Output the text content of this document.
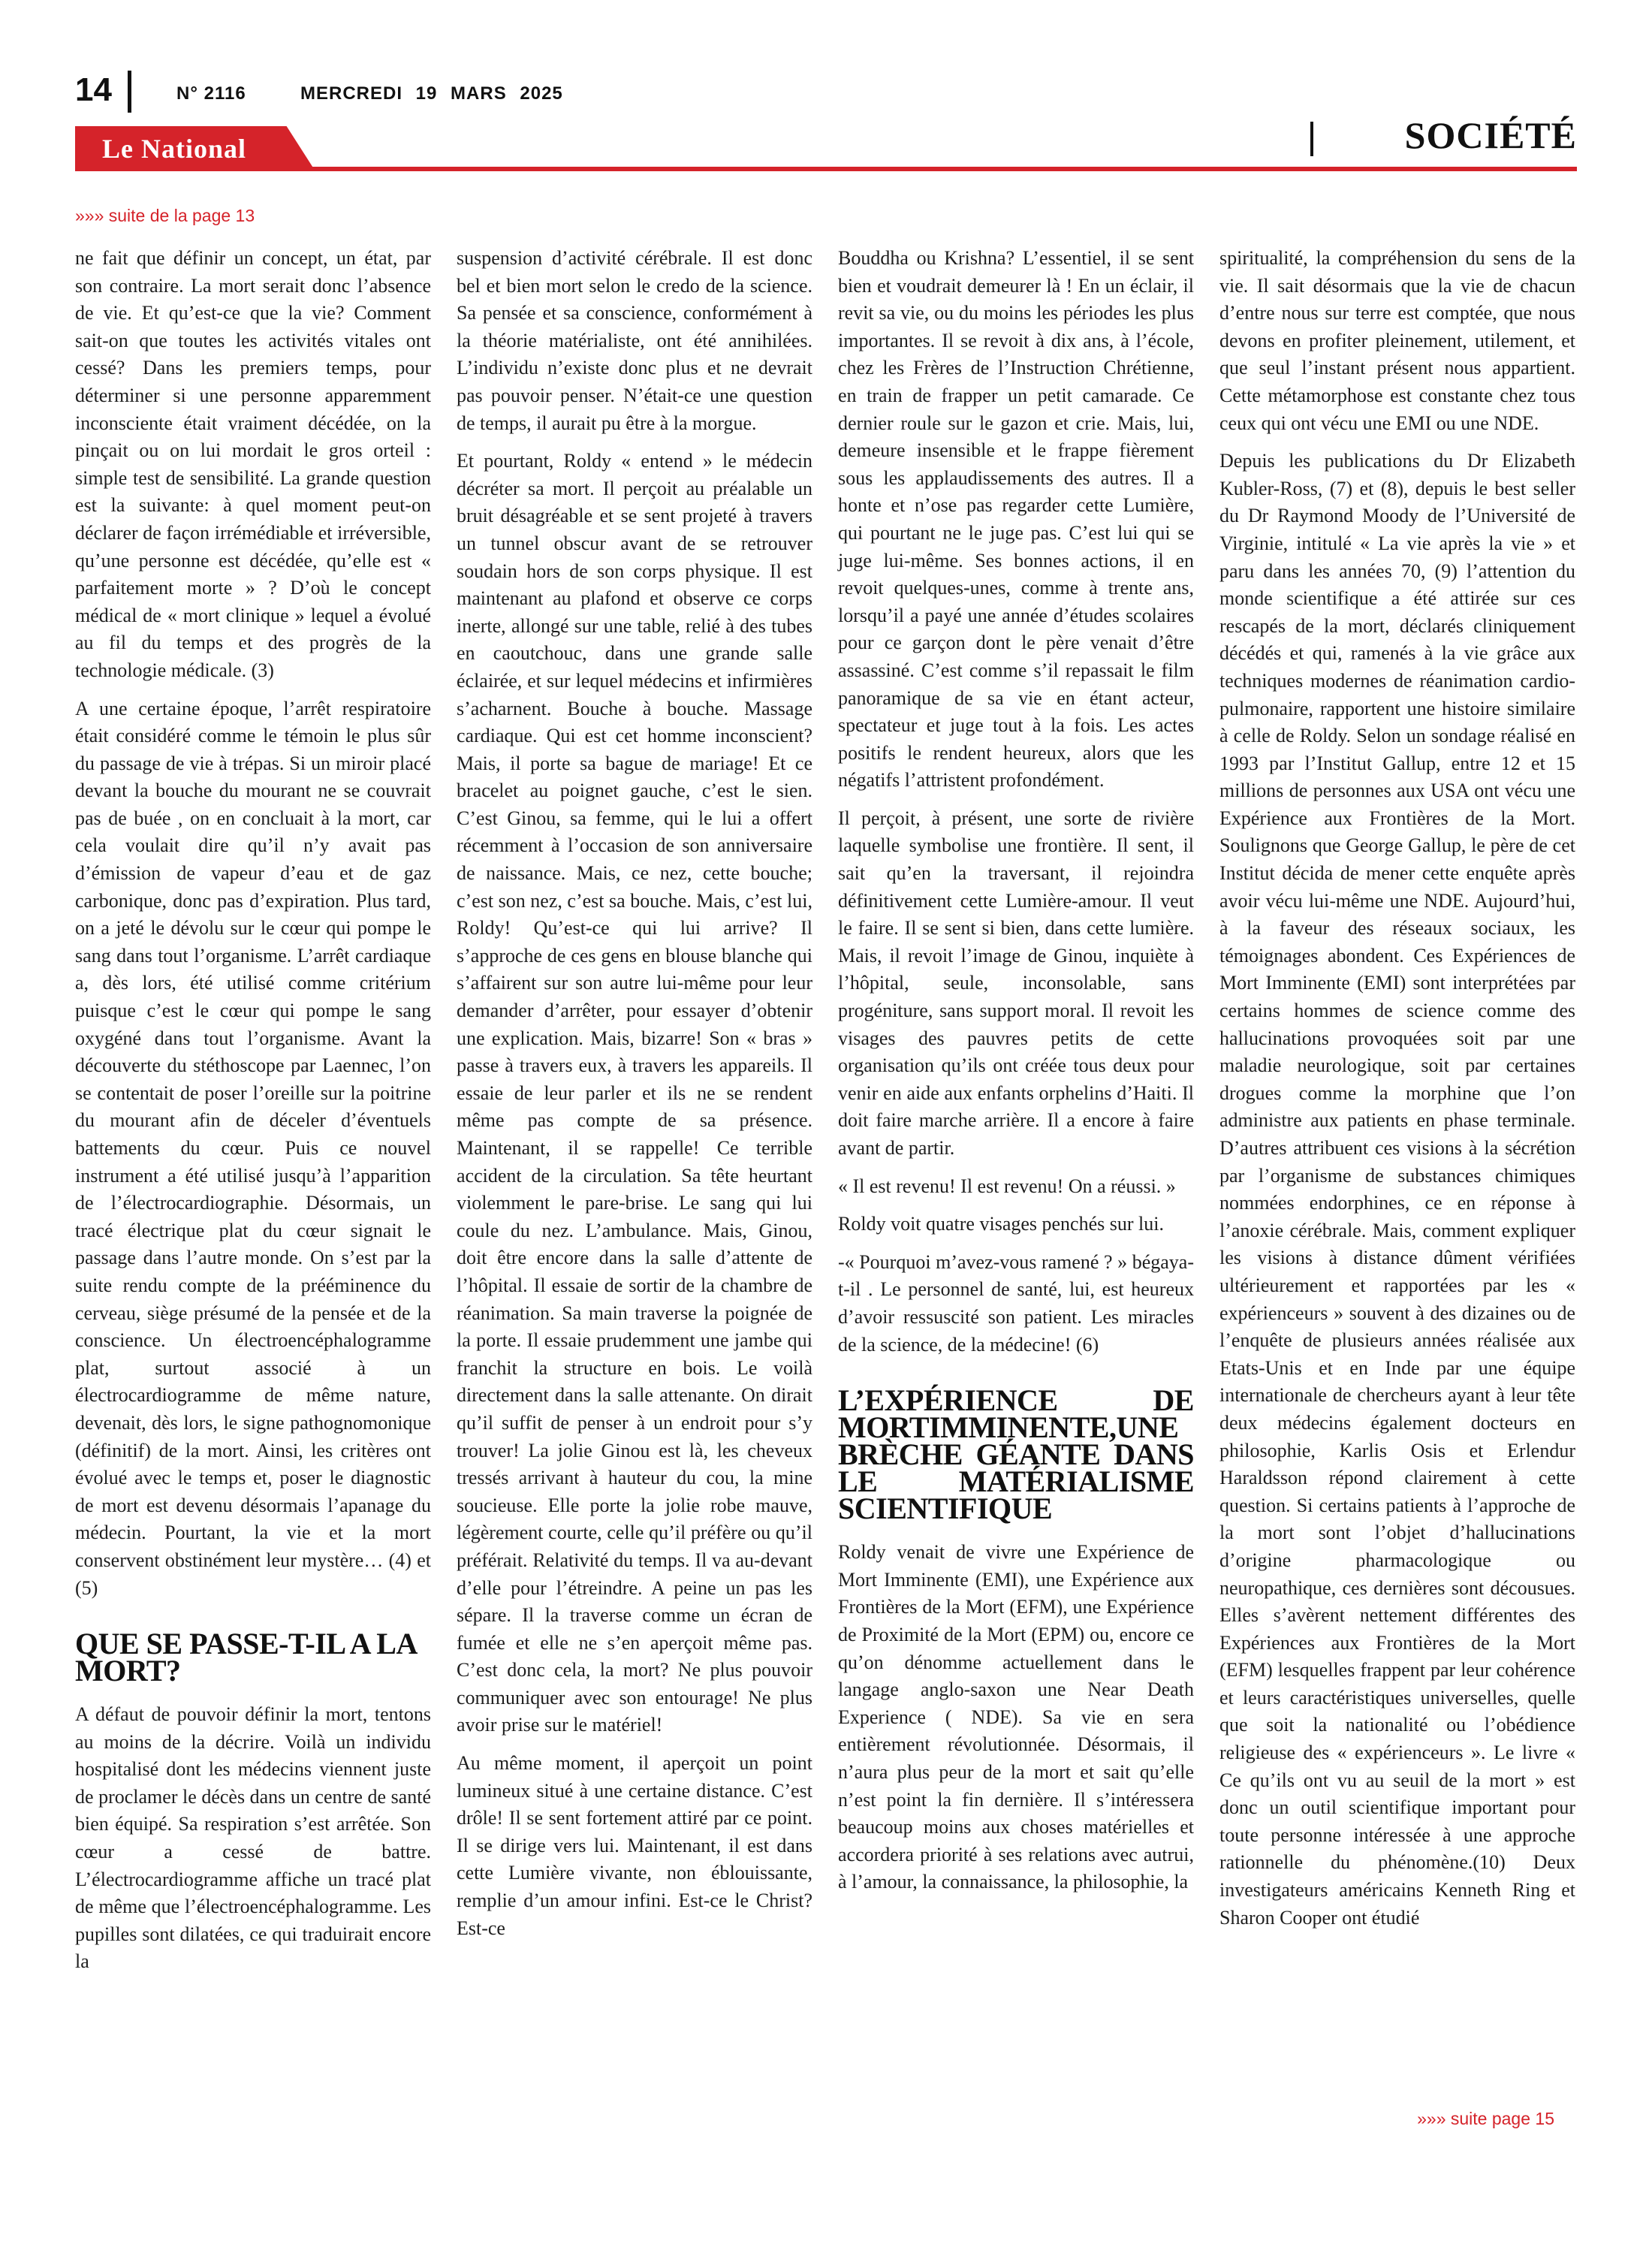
14	N° 2116	MERCREDI 19 MARS 2025
Le National	SOCIÉTÉ
»»» suite de la page 13

ne fait que définir un concept, un état, par son contraire. La mort serait donc l’absence de vie. Et qu’est-ce que la vie? Comment sait-on que toutes les activités vitales ont cessé? Dans les premiers temps, pour déterminer si une personne apparemment inconsciente était vraiment décédée, on la pinçait ou on lui mordait le gros orteil : simple test de sensibilité. La grande question est la suivante: à quel moment peut-on déclarer de façon irrémédiable et irréversible, qu’une personne est décédée, qu’elle est « parfaitement morte » ? D’où le concept médical de « mort clinique » lequel a évolué au fil du temps et des progrès de la technologie médicale. (3)

A une certaine époque, l’arrêt respiratoire était considéré comme le témoin le plus sûr du passage de vie à trépas. Si un miroir placé devant la bouche du mourant ne se couvrait pas de buée , on en concluait à la mort, car cela voulait dire qu’il n’y avait pas d’émission de vapeur d’eau et de gaz carbonique, donc pas d’expiration. Plus tard, on a jeté le dévolu sur le cœur qui pompe le sang dans tout l’organisme. L’arrêt cardiaque a, dès lors, été utilisé comme critérium puisque c’est le cœur qui pompe le sang oxygéné dans tout l’organisme. Avant la découverte du stéthoscope par Laennec, l’on se contentait de poser l’oreille sur la poitrine du mourant afin de déceler d’éventuels battements du cœur. Puis ce nouvel instrument a été utilisé jusqu’à l’apparition de l’électrocardiographie. Désormais, un tracé électrique plat du cœur signait le passage dans l’autre monde. On s’est par la suite rendu compte de la prééminence du cerveau, siège présumé de la pensée et de la conscience. Un électroencéphalogramme plat, surtout associé à un électrocardiogramme de même nature, devenait, dès lors, le signe pathognomonique (définitif) de la mort. Ainsi, les critères ont évolué avec le temps et, poser le diagnostic de mort est devenu désormais l’apanage du médecin. Pourtant, la vie et la mort conservent obstinément leur mystère… (4) et (5)

QUE SE PASSE-T-IL A LA MORT?

A défaut de pouvoir définir la mort, tentons au moins de la décrire. Voilà un individu hospitalisé dont les médecins viennent juste de proclamer le décès dans un centre de santé bien équipé. Sa respiration s’est arrêtée. Son cœur a cessé de battre. L’électrocardiogramme affiche un tracé plat de même que l’électroencéphalogramme. Les pupilles sont dilatées, ce qui traduirait encore la

suspension d’activité cérébrale. Il est donc bel et bien mort selon le credo de la science. Sa pensée et sa conscience, conformément à la théorie matérialiste, ont été annihilées. L’individu n’existe donc plus et ne devrait pas pouvoir penser. N’était-ce une question de temps, il aurait pu être à la morgue.

Et pourtant, Roldy « entend » le médecin décréter sa mort. Il perçoit au préalable un bruit désagréable et se sent projeté à travers un tunnel obscur avant de se retrouver soudain hors de son corps physique. Il est maintenant au plafond et observe ce corps inerte, allongé sur une table, relié à des tubes en caoutchouc, dans une grande salle éclairée, et sur lequel médecins et infirmières s’acharnent. Bouche à bouche. Massage cardiaque. Qui est cet homme inconscient? Mais, il porte sa bague de mariage! Et ce bracelet au poignet gauche, c’est le sien. C’est Ginou, sa femme, qui le lui a offert récemment à l’occasion de son anniversaire de naissance. Mais, ce nez, cette bouche; c’est son nez, c’est sa bouche. Mais, c’est lui, Roldy! Qu’est-ce qui lui arrive? Il s’approche de ces gens en blouse blanche qui s’affairent sur son autre lui-même pour leur demander d’arrêter, pour essayer d’obtenir une explication. Mais, bizarre! Son « bras » passe à travers eux, à travers les appareils. Il essaie de leur parler et ils ne se rendent même pas compte de sa présence. Maintenant, il se rappelle! Ce terrible accident de la circulation. Sa tête heurtant violemment le pare-brise. Le sang qui lui coule du nez. L’ambulance. Mais, Ginou, doit être encore dans la salle d’attente de l’hôpital. Il essaie de sortir de la chambre de réanimation. Sa main traverse la poignée de la porte. Il essaie prudemment une jambe qui franchit la structure en bois. Le voilà directement dans la salle attenante. On dirait qu’il suffit de penser à un endroit pour s’y trouver! La jolie Ginou est là, les cheveux tressés arrivant à hauteur du cou, la mine soucieuse. Elle porte la jolie robe mauve, légèrement courte, celle qu’il préfère ou qu’il préférait. Relativité du temps. Il va au-devant d’elle pour l’étreindre. A peine un pas les sépare. Il la traverse comme un écran de fumée et elle ne s’en aperçoit même pas. C’est donc cela, la mort? Ne plus pouvoir communiquer avec son entourage! Ne plus avoir prise sur le matériel!

Au même moment, il aperçoit un point lumineux situé à une certaine distance. C’est drôle! Il se sent fortement attiré par ce point. Il se dirige vers lui. Maintenant, il est dans cette Lumière vivante, non éblouissante, remplie d’un amour infini. Est-ce le Christ? Est-ce

Bouddha ou Krishna? L’essentiel, il se sent bien et voudrait demeurer là ! En un éclair, il revit sa vie, ou du moins les périodes les plus importantes. Il se revoit à dix ans, à l’école, chez les Frères de l’Instruction Chrétienne, en train de frapper un petit camarade. Ce dernier roule sur le gazon et crie. Mais, lui, demeure insensible et le frappe fièrement sous les applaudissements des autres. Il a honte et n’ose pas regarder cette Lumière, qui pourtant ne le juge pas. C’est lui qui se juge lui-même. Ses bonnes actions, il en revoit quelques-unes, comme à trente ans, lorsqu’il a payé une année d’études scolaires pour ce garçon dont le père venait d’être assassiné. C’est comme s’il repassait le film panoramique de sa vie en étant acteur, spectateur et juge tout à la fois. Les actes positifs le rendent heureux, alors que les négatifs l’attristent profondément.

Il perçoit, à présent, une sorte de rivière laquelle symbolise une frontière. Il sent, il sait qu’en la traversant, il rejoindra définitivement cette Lumière-amour. Il veut le faire. Il se sent si bien, dans cette lumière. Mais, il revoit l’image de Ginou, inquiète à l’hôpital, seule, inconsolable, sans progéniture, sans support moral. Il revoit les visages des pauvres petits de cette organisation qu’ils ont créée tous deux pour venir en aide aux enfants orphelins d’Haiti. Il doit faire marche arrière. Il a encore à faire avant de partir.

« Il est revenu! Il est revenu! On a réussi. »

Roldy voit quatre visages penchés sur lui.

-« Pourquoi m’avez-vous ramené ? » bégaya-t-il . Le personnel de santé, lui, est heureux d’avoir ressuscité son patient. Les miracles de la science, de la médecine! (6)

L’EXPÉRIENCE DE MORTIMMINENTE,UNE BRÈCHE GÉANTE DANS LE MATÉRIALISME SCIENTIFIQUE

Roldy venait de vivre une Expérience de Mort Imminente (EMI), une Expérience aux Frontières de la Mort (EFM), une Expérience de Proximité de la Mort (EPM) ou, encore ce qu’on dénomme actuellement dans le langage anglo-saxon une Near Death Experience ( NDE). Sa vie en sera entièrement révolutionnée. Désormais, il n’aura plus peur de la mort et sait qu’elle n’est point la fin dernière. Il s’intéressera beaucoup moins aux choses matérielles et accordera priorité à ses relations avec autrui, à l’amour, la connaissance, la philosophie, la

spiritualité, la compréhension du sens de la vie. Il sait désormais que la vie de chacun d’entre nous sur terre est comptée, que nous devons en profiter pleinement, utilement, et que seul l’instant présent nous appartient. Cette métamorphose est constante chez tous ceux qui ont vécu une EMI ou une NDE.

Depuis les publications du Dr Elizabeth Kubler-Ross, (7) et (8), depuis le best seller du Dr Raymond Moody de l’Université de Virginie, intitulé « La vie après la vie » et paru dans les années 70, (9) l’attention du monde scientifique a été attirée sur ces rescapés de la mort, déclarés cliniquement décédés et qui, ramenés à la vie grâce aux techniques modernes de réanimation cardio-pulmonaire, rapportent une histoire similaire à celle de Roldy. Selon un sondage réalisé en 1993 par l’Institut Gallup, entre 12 et 15 millions de personnes aux USA ont vécu une Expérience aux Frontières de la Mort. Soulignons que George Gallup, le père de cet Institut décida de mener cette enquête après avoir vécu lui-même une NDE. Aujourd’hui, à la faveur des réseaux sociaux, les témoignages abondent. Ces Expériences de Mort Imminente (EMI) sont interprétées par certains hommes de science comme des hallucinations provoquées soit par une maladie neurologique, soit par certaines drogues comme la morphine que l’on administre aux patients en phase terminale. D’autres attribuent ces visions à la sécrétion par l’organisme de substances chimiques nommées endorphines, ce en réponse à l’anoxie cérébrale. Mais, comment expliquer les visions à distance dûment vérifiées ultérieurement et rapportées par les « expérienceurs » souvent à des dizaines ou de l’enquête de plusieurs années réalisée aux Etats-Unis et en Inde par une équipe internationale de chercheurs ayant à leur tête deux médecins également docteurs en philosophie, Karlis Osis et Erlendur Haraldsson répond clairement à cette question. Si certains patients à l’approche de la mort sont l’objet d’hallucinations d’origine pharmacologique ou neuropathique, ces dernières sont décousues. Elles s’avèrent nettement différentes des Expériences aux Frontières de la Mort (EFM) lesquelles frappent par leur cohérence et leurs caractéristiques universelles, quelle que soit la nationalité ou l’obédience religieuse des « expérienceurs ». Le livre « Ce qu’ils ont vu au seuil de la mort » est donc un outil scientifique important pour toute personne intéressée à une approche rationnelle du phénomène.(10) Deux investigateurs américains Kenneth Ring et Sharon Cooper ont étudié

»»» suite page 15
